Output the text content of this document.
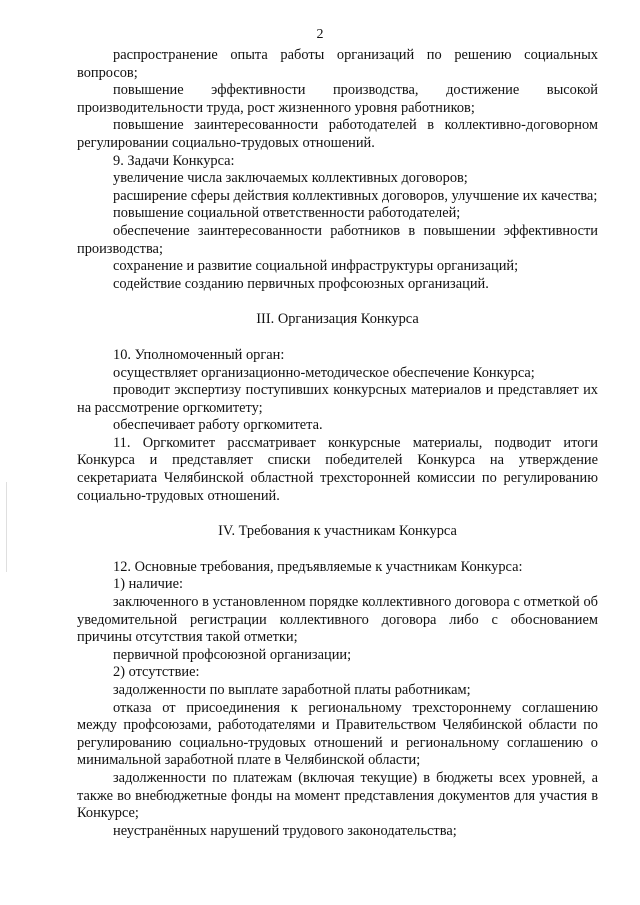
2

распространение опыта работы организаций по решению социальных вопросов;

повышение эффективности производства, достижение высокой производительности труда, рост жизненного уровня работников;

повышение заинтересованности работодателей в коллективно-договорном регулировании социально-трудовых отношений.

9. Задачи Конкурса:

увеличение числа заключаемых коллективных договоров;

расширение сферы действия коллективных договоров, улучшение их качества;

повышение социальной ответственности работодателей;

обеспечение заинтересованности работников в повышении эффективности производства;

сохранение и развитие социальной инфраструктуры организаций;

содействие созданию первичных профсоюзных организаций.

III. Организация Конкурса

10. Уполномоченный орган:

осуществляет организационно-методическое обеспечение Конкурса;

проводит экспертизу поступивших конкурсных материалов и представляет их на рассмотрение оргкомитету;

обеспечивает работу оргкомитета.

11. Оргкомитет рассматривает конкурсные материалы, подводит итоги Конкурса и представляет списки победителей Конкурса на утверждение секретариата Челябинской областной трехсторонней комиссии по регулированию социально-трудовых отношений.

IV. Требования к участникам Конкурса

12. Основные требования, предъявляемые к участникам Конкурса:

1) наличие:

заключенного в установленном порядке коллективного договора с отметкой об уведомительной регистрации коллективного договора либо с обоснованием причины отсутствия такой отметки;

первичной профсоюзной организации;

2) отсутствие:

задолженности по выплате заработной платы работникам;

отказа от присоединения к региональному трехстороннему соглашению между профсоюзами, работодателями и Правительством Челябинской области по регулированию социально-трудовых отношений и региональному соглашению о минимальной заработной плате в Челябинской области;

задолженности по платежам (включая текущие) в бюджеты всех уровней, а также во внебюджетные фонды на момент представления документов для участия в Конкурсе;

неустранённых нарушений трудового законодательства;
